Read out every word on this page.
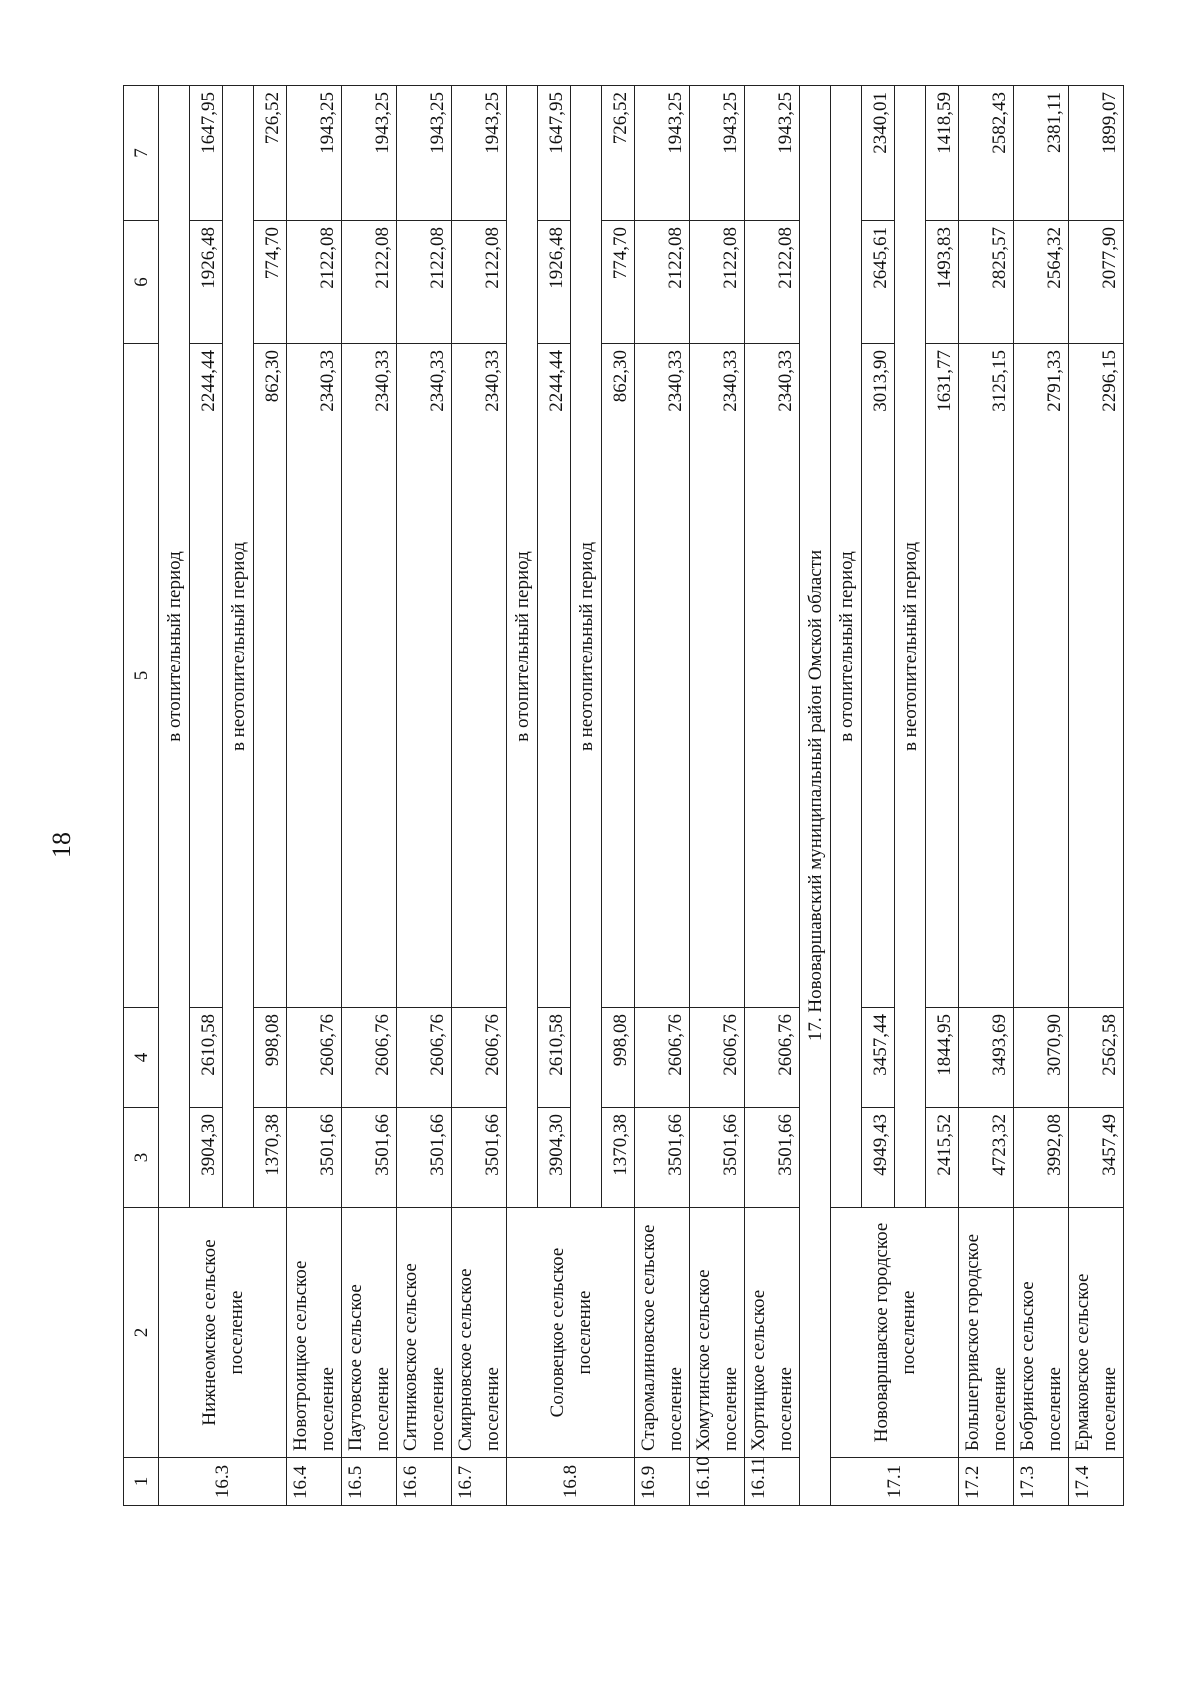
18
1	2	3	4	5	6	7
16.3	Нижнеомское сельское поселение	в отопительный период				
		3904,30	2610,58	2244,44	1926,48	1647,95
		в неотопительный период				
		1370,38	998,08	862,30	774,70	726,52
16.4	Новотроицкое сельское поселение	3501,66	2606,76	2340,33	2122,08	1943,25
16.5	Паутовское сельское поселение	3501,66	2606,76	2340,33	2122,08	1943,25
16.6	Ситниковское сельское поселение	3501,66	2606,76	2340,33	2122,08	1943,25
16.7	Смирновское сельское поселение	3501,66	2606,76	2340,33	2122,08	1943,25
16.8	Соловецкое сельское поселение	в отопительный период				
		3904,30	2610,58	2244,44	1926,48	1647,95
		в неотопительный период				
		1370,38	998,08	862,30	774,70	726,52
16.9	Старомалиновское сельское поселение	3501,66	2606,76	2340,33	2122,08	1943,25
16.10	Хомутинское сельское поселение	3501,66	2606,76	2340,33	2122,08	1943,25
16.11	Хортицкое сельское поселение	3501,66	2606,76	2340,33	2122,08	1943,25
17. Нововаршавский муниципальный район Омской области						
17.1	Нововаршавское городское поселение	в отопительный период				
		4949,43	3457,44	3013,90	2645,61	2340,01
		в неотопительный период				
		2415,52	1844,95	1631,77	1493,83	1418,59
17.2	Большегривское городское поселение	4723,32	3493,69	3125,15	2825,57	2582,43
17.3	Бобринское сельское поселение	3992,08	3070,90	2791,33	2564,32	2381,11
17.4	Ермаковское сельское поселение	3457,49	2562,58	2296,15	2077,90	1899,07
